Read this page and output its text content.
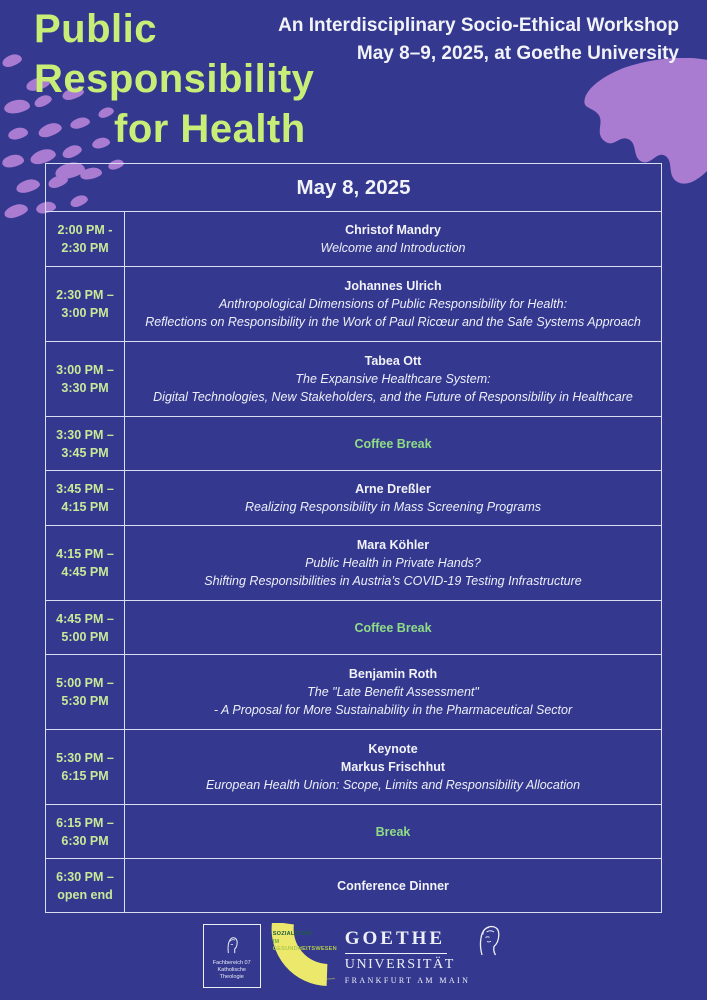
Public
Responsibility
for Health
An Interdisciplinary Socio-Ethical Workshop
May 8–9, 2025, at Goethe University
May 8, 2025
2:00 PM -
2:30 PM
Christof Mandry
Welcome and Introduction
2:30 PM –
3:00 PM
Johannes Ulrich
Anthropological Dimensions of Public Responsibility for Health:
Reflections on Responsibility in the Work of Paul Ricœur and the Safe Systems Approach
3:00 PM –
3:30 PM
Tabea Ott
The Expansive Healthcare System:
Digital Technologies, New Stakeholders, and the Future of Responsibility in Healthcare
3:30 PM –
3:45 PM
Coffee Break
3:45 PM –
4:15 PM
Arne Dreßler
Realizing Responsibility in Mass Screening Programs
4:15 PM –
4:45 PM
Mara Köhler
Public Health in Private Hands?
Shifting Responsibilities in Austria’s COVID-19 Testing Infrastructure
4:45 PM –
5:00 PM
Coffee Break
5:00 PM –
5:30 PM
Benjamin Roth
The "Late Benefit Assessment"
- A Proposal for More Sustainability in the Pharmaceutical Sector
5:30 PM –
6:15 PM
Keynote
Markus Frischhut
European Health Union: Scope, Limits and Responsibility Allocation
6:15 PM –
6:30 PM
Break
6:30 PM –
open end
Conference Dinner
Fachbereich 07
Katholische Theologie
SOZIALETHIK
IM
GESUNDHEITSWESEN
GOETHE
UNIVERSITÄT
FRANKFURT AM MAIN
